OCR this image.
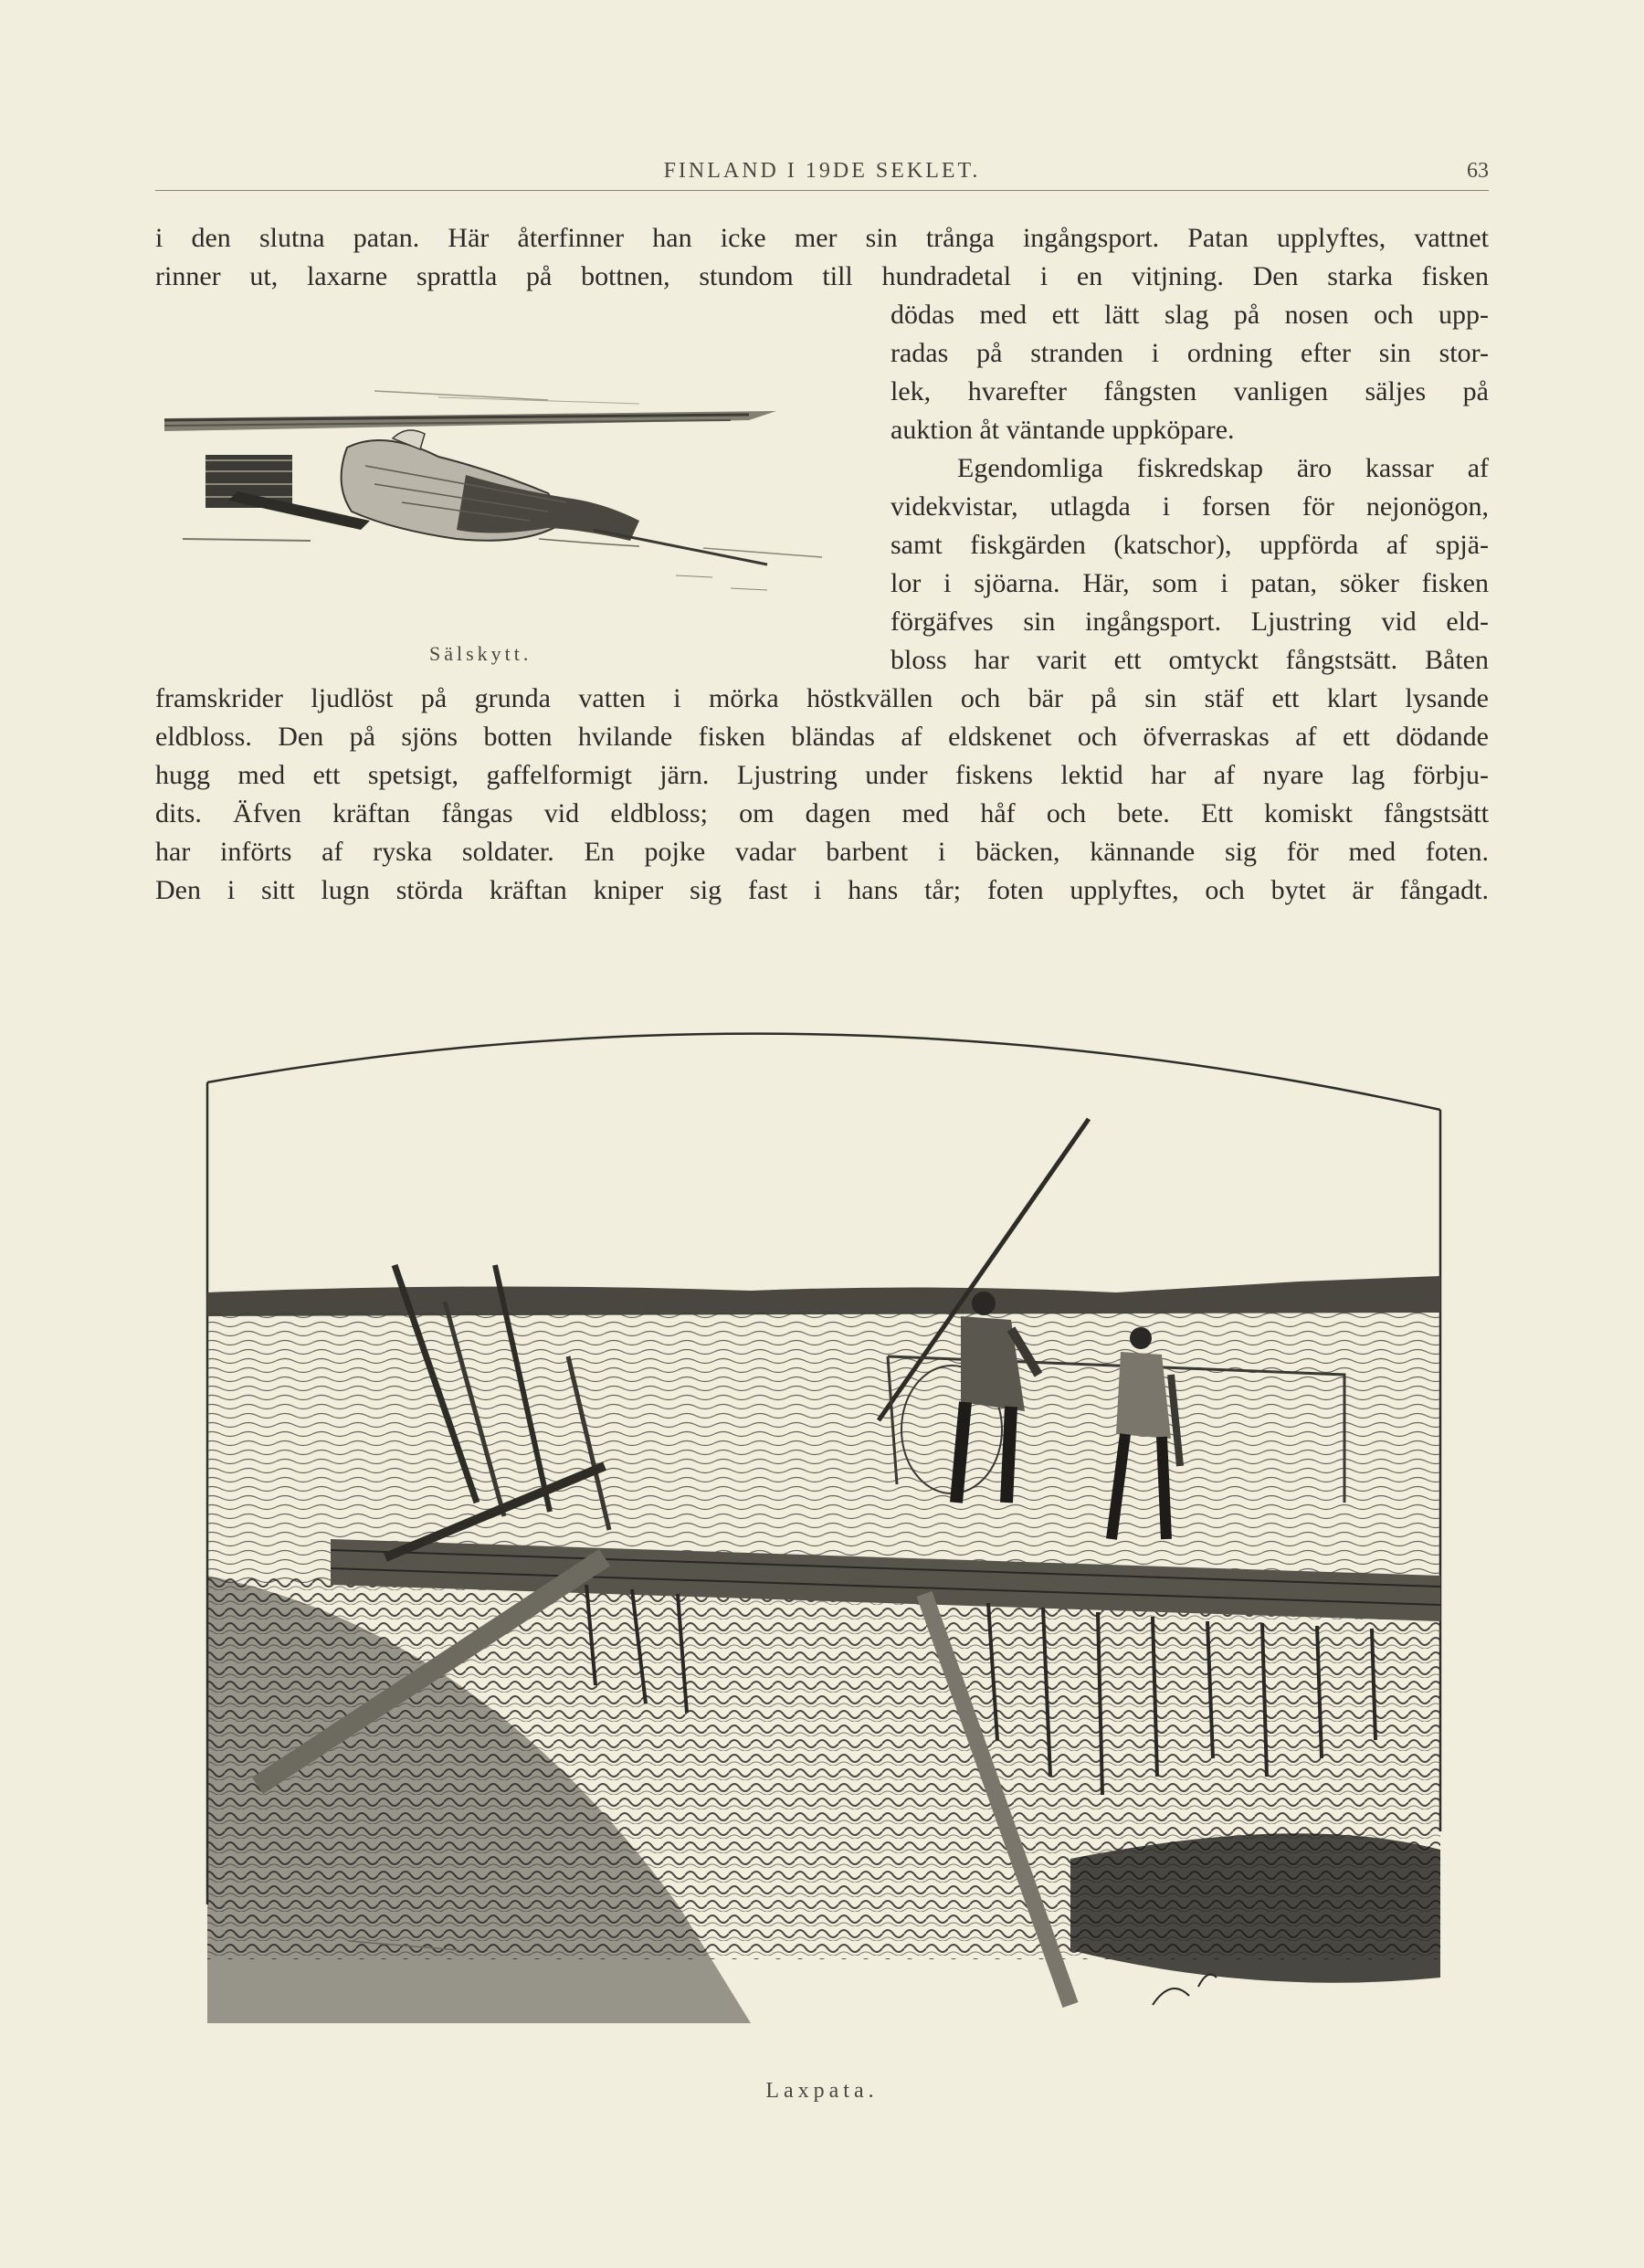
FINLAND I 19DE SEKLET.	63
i den slutna patan. Här återfinner han icke mer sin trånga ingångsport. Patan upplyftes, vattnet
rinner ut, laxarne sprattla på bottnen, stundom till hundradetal i en vitjning. Den starka fisken
dödas med ett lätt slag på nosen och upp-
radas på stranden i ordning efter sin stor-
lek, hvarefter fångsten vanligen säljes på
auktion åt väntande uppköpare.
Egendomliga fiskredskap äro kassar af
videkvistar, utlagda i forsen för nejonögon,
samt fiskgärden (katschor), uppförda af spjä-
lor i sjöarna. Här, som i patan, söker fisken
förgäfves sin ingångsport. Ljustring vid eld-
bloss har varit ett omtyckt fångstsätt. Båten
framskrider ljudlöst på grunda vatten i mörka höstkvällen och bär på sin stäf ett klart lysande
eldbloss. Den på sjöns botten hvilande fisken bländas af eldskenet och öfverraskas af ett dödande
hugg med ett spetsigt, gaffelformigt järn. Ljustring under fiskens lektid har af nyare lag förbju-
dits. Äfven kräftan fångas vid eldbloss; om dagen med håf och bete. Ett komiskt fångstsätt
har införts af ryska soldater. En pojke vadar barbent i bäcken, kännande sig för med foten.
Den i sitt lugn störda kräftan kniper sig fast i hans tår; foten upplyftes, och bytet är fångadt.
Sälskytt.
Laxpata.
